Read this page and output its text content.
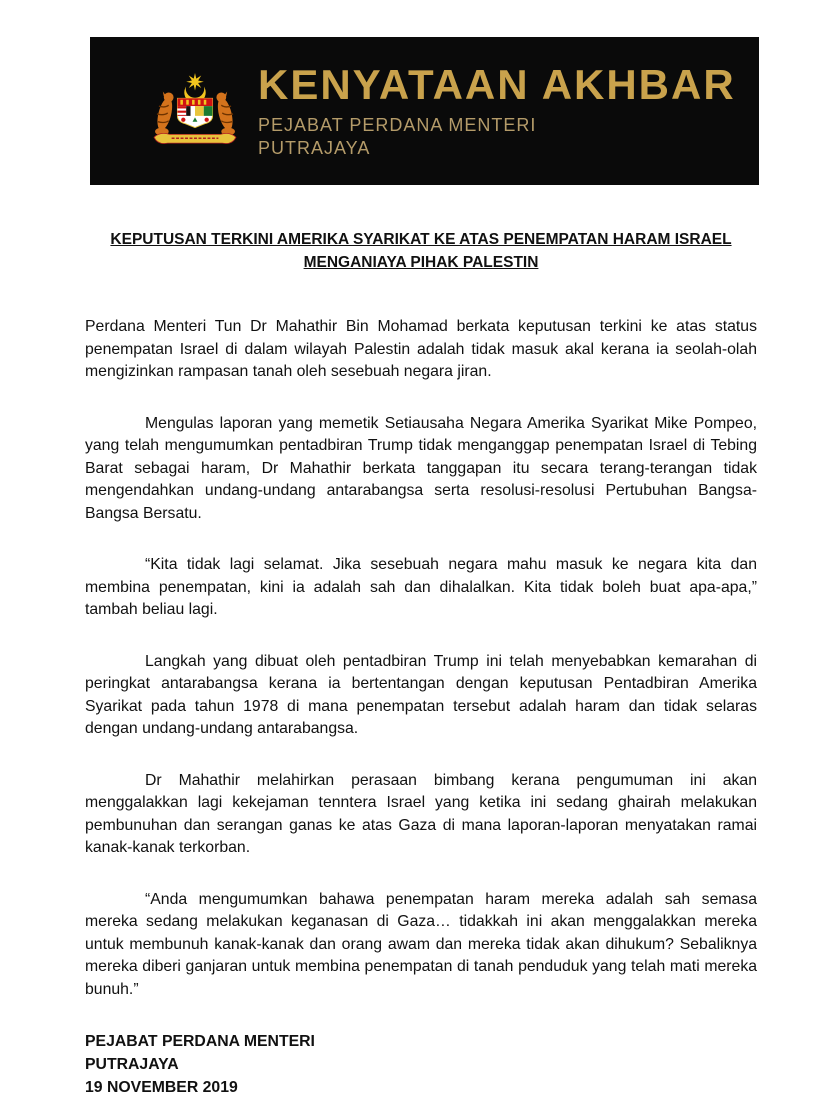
KENYATAAN AKHBAR
PEJABAT PERDANA MENTERI
PUTRAJAYA
KEPUTUSAN TERKINI AMERIKA SYARIKAT KE ATAS PENEMPATAN HARAM ISRAEL
MENGANIAYA PIHAK PALESTIN

Perdana Menteri Tun Dr Mahathir Bin Mohamad berkata keputusan terkini ke atas status penempatan Israel di dalam wilayah Palestin adalah tidak masuk akal kerana ia seolah-olah mengizinkan rampasan tanah oleh sesebuah negara jiran.

Mengulas laporan yang memetik Setiausaha Negara Amerika Syarikat Mike Pompeo, yang telah mengumumkan pentadbiran Trump tidak menganggap penempatan Israel di Tebing Barat sebagai haram, Dr Mahathir berkata tanggapan itu secara terang-terangan tidak mengendahkan undang-undang antarabangsa serta resolusi-resolusi Pertubuhan Bangsa-Bangsa Bersatu.

“Kita tidak lagi selamat. Jika sesebuah negara mahu masuk ke negara kita dan membina penempatan, kini ia adalah sah dan dihalalkan. Kita tidak boleh buat apa-apa,” tambah beliau lagi.

Langkah yang dibuat oleh pentadbiran Trump ini telah menyebabkan kemarahan di peringkat antarabangsa kerana ia bertentangan dengan keputusan Pentadbiran Amerika Syarikat pada tahun 1978 di mana penempatan tersebut adalah haram dan tidak selaras dengan undang-undang antarabangsa.

Dr Mahathir melahirkan perasaan bimbang kerana pengumuman ini akan menggalakkan lagi kekejaman tenntera Israel yang ketika ini sedang ghairah melakukan pembunuhan dan serangan ganas ke atas Gaza di mana laporan-laporan menyatakan ramai kanak-kanak terkorban.

“Anda mengumumkan bahawa penempatan haram mereka adalah sah semasa mereka sedang melakukan keganasan di Gaza… tidakkah ini akan menggalakkan mereka untuk membunuh kanak-kanak dan orang awam dan mereka tidak akan dihukum? Sebaliknya mereka diberi ganjaran untuk membina penempatan di tanah penduduk yang telah mati mereka bunuh.”

PEJABAT PERDANA MENTERI
PUTRAJAYA
19 NOVEMBER 2019
